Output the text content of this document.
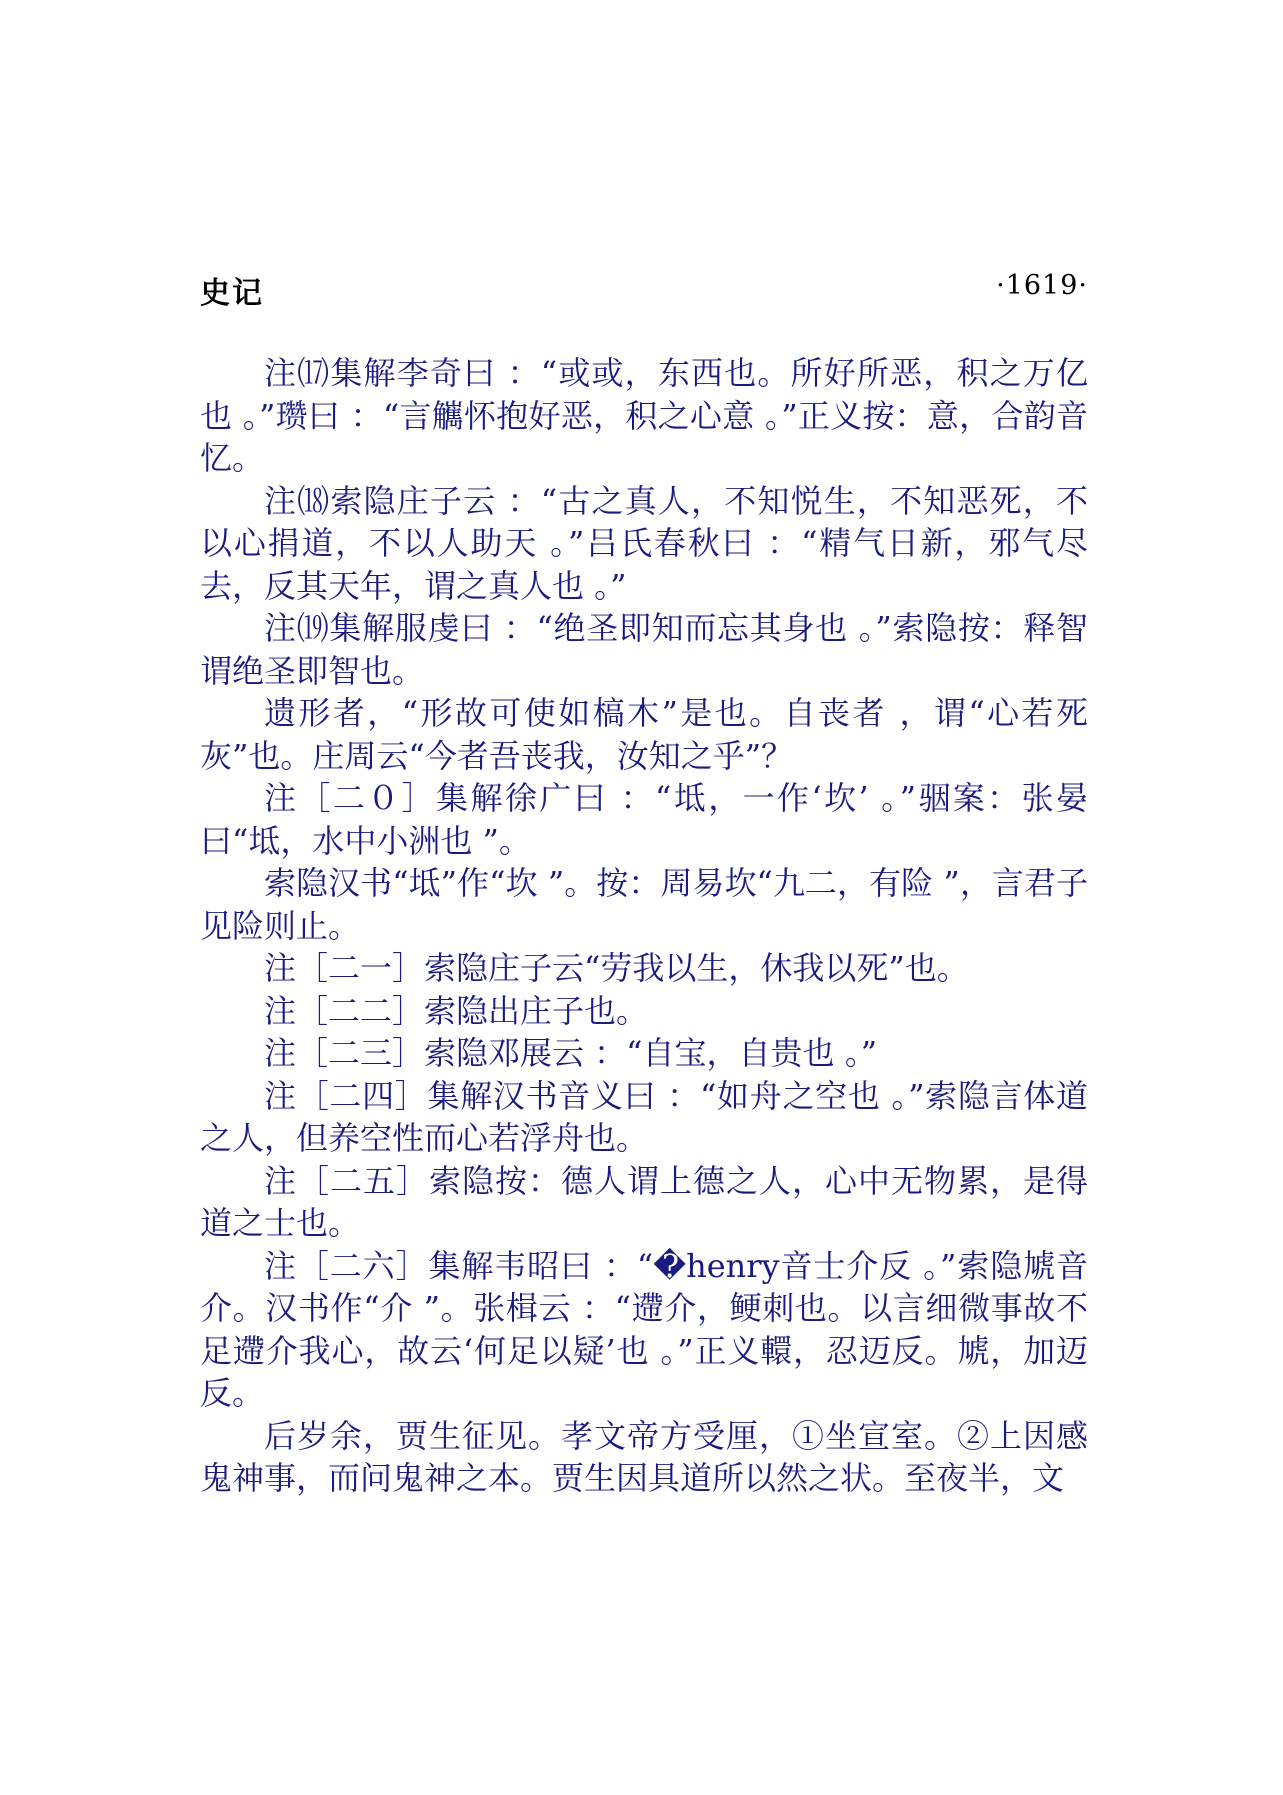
史记	·1619·

注⒄集解李奇曰 ：“或或，东西也。所好所恶，积之万亿也 。”瓒曰 ：“言觽怀抱好恶，积之心意 。”正义按：意，合韵音忆。

注⒅索隐庄子云 ：“古之真人，不知悦生，不知恶死，不以心捐道，不以人助天 。”吕氏春秋曰 ：“精气日新，邪气尽去，反其天年，谓之真人也 。”

注⒆集解服虔曰 ：“绝圣即知而忘其身也 。”索隐按：释智谓绝圣即智也。

遗形者，“形故可使如槁木”是也。自丧者 ，谓“心若死灰”也。庄周云“今者吾丧我，汝知之乎”？

注［二０］集解徐广曰 ：“坻，一作‘坎’ 。”骃案：张晏曰“坻，水中小洲也 ”。

索隐汉书“坻”作“坎 ”。按：周易坎“九二，有险 ”，言君子见险则止。

注［二一］索隐庄子云“劳我以生，休我以死”也。

注［二二］索隐出庄子也。

注［二三］索隐邓展云 ：“自宝，自贵也 。”

注［二四］集解汉书音义曰 ：“如舟之空也 。”索隐言体道之人，但养空性而心若浮舟也。

注［二五］索隐按：德人谓上德之人，心中无物累，是得道之士也。

注［二六］集解韦昭曰 ：“�henry音士介反 。”索隐虓音介。汉书作“介 ”。张楫云 ：“遰介，鲠刺也。以言细微事故不足遰介我心，故云‘何足以疑’也 。”正义轘，忍迈反。虓，加迈反。

后岁余，贾生征见。孝文帝方受厘，①坐宣室。②上因感鬼神事，而问鬼神之本。贾生因具道所以然之状。至夜半，文
